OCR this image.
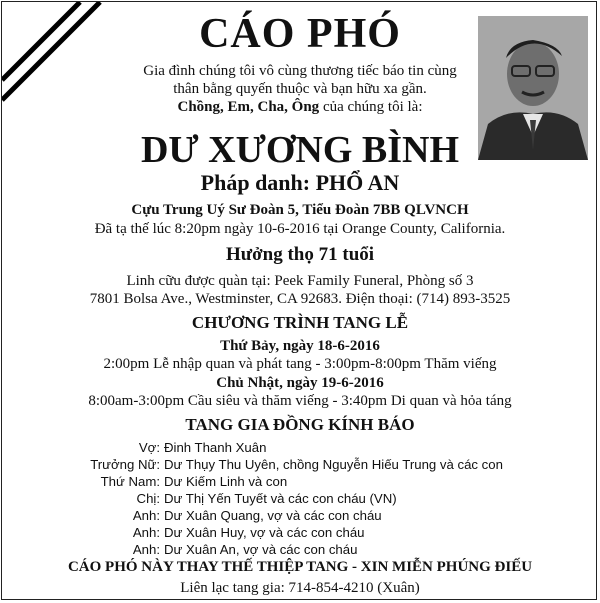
CÁO PHÓ
Gia đình chúng tôi vô cùng thương tiếc báo tin cùng
thân bằng quyến thuộc và bạn hữu xa gần.
Chồng, Em, Cha, Ông của chúng tôi là:
DƯ XƯƠNG BÌNH
Pháp danh: PHỔ AN
Cựu Trung Uý Sư Đoàn 5, Tiểu Đoàn 7BB QLVNCH
Đã tạ thế lúc 8:20pm ngày 10-6-2016 tại Orange County, California.
Hưởng thọ 71 tuổi
Linh cữu được quàn tại: Peek Family Funeral, Phòng số 3
7801 Bolsa Ave., Westminster, CA 92683. Điện thoại: (714) 893-3525
CHƯƠNG TRÌNH TANG LỄ
Thứ Bảy, ngày 18-6-2016
2:00pm Lễ nhập quan và phát tang - 3:00pm-8:00pm Thăm viếng
Chủ Nhật, ngày 19-6-2016
8:00am-3:00pm Cầu siêu và thăm viếng - 3:40pm Di quan và hỏa táng
TANG GIA ĐỒNG KÍNH BÁO
Vợ: Đinh Thanh Xuân
Trưởng Nữ: Dư Thụy Thu Uyên, chồng Nguyễn Hiếu Trung và các con
Thứ Nam: Dư Kiếm Linh và con
Chị: Dư Thị Yến Tuyết và các con cháu (VN)
Anh: Dư Xuân Quang, vợ và các con cháu
Anh: Dư Xuân Huy, vợ và các con cháu
Anh: Dư Xuân An, vợ và các con cháu
CÁO PHÓ NÀY THAY THẾ THIỆP TANG - XIN MIỄN PHÚNG ĐIẾU
Liên lạc tang gia: 714-854-4210 (Xuân)
